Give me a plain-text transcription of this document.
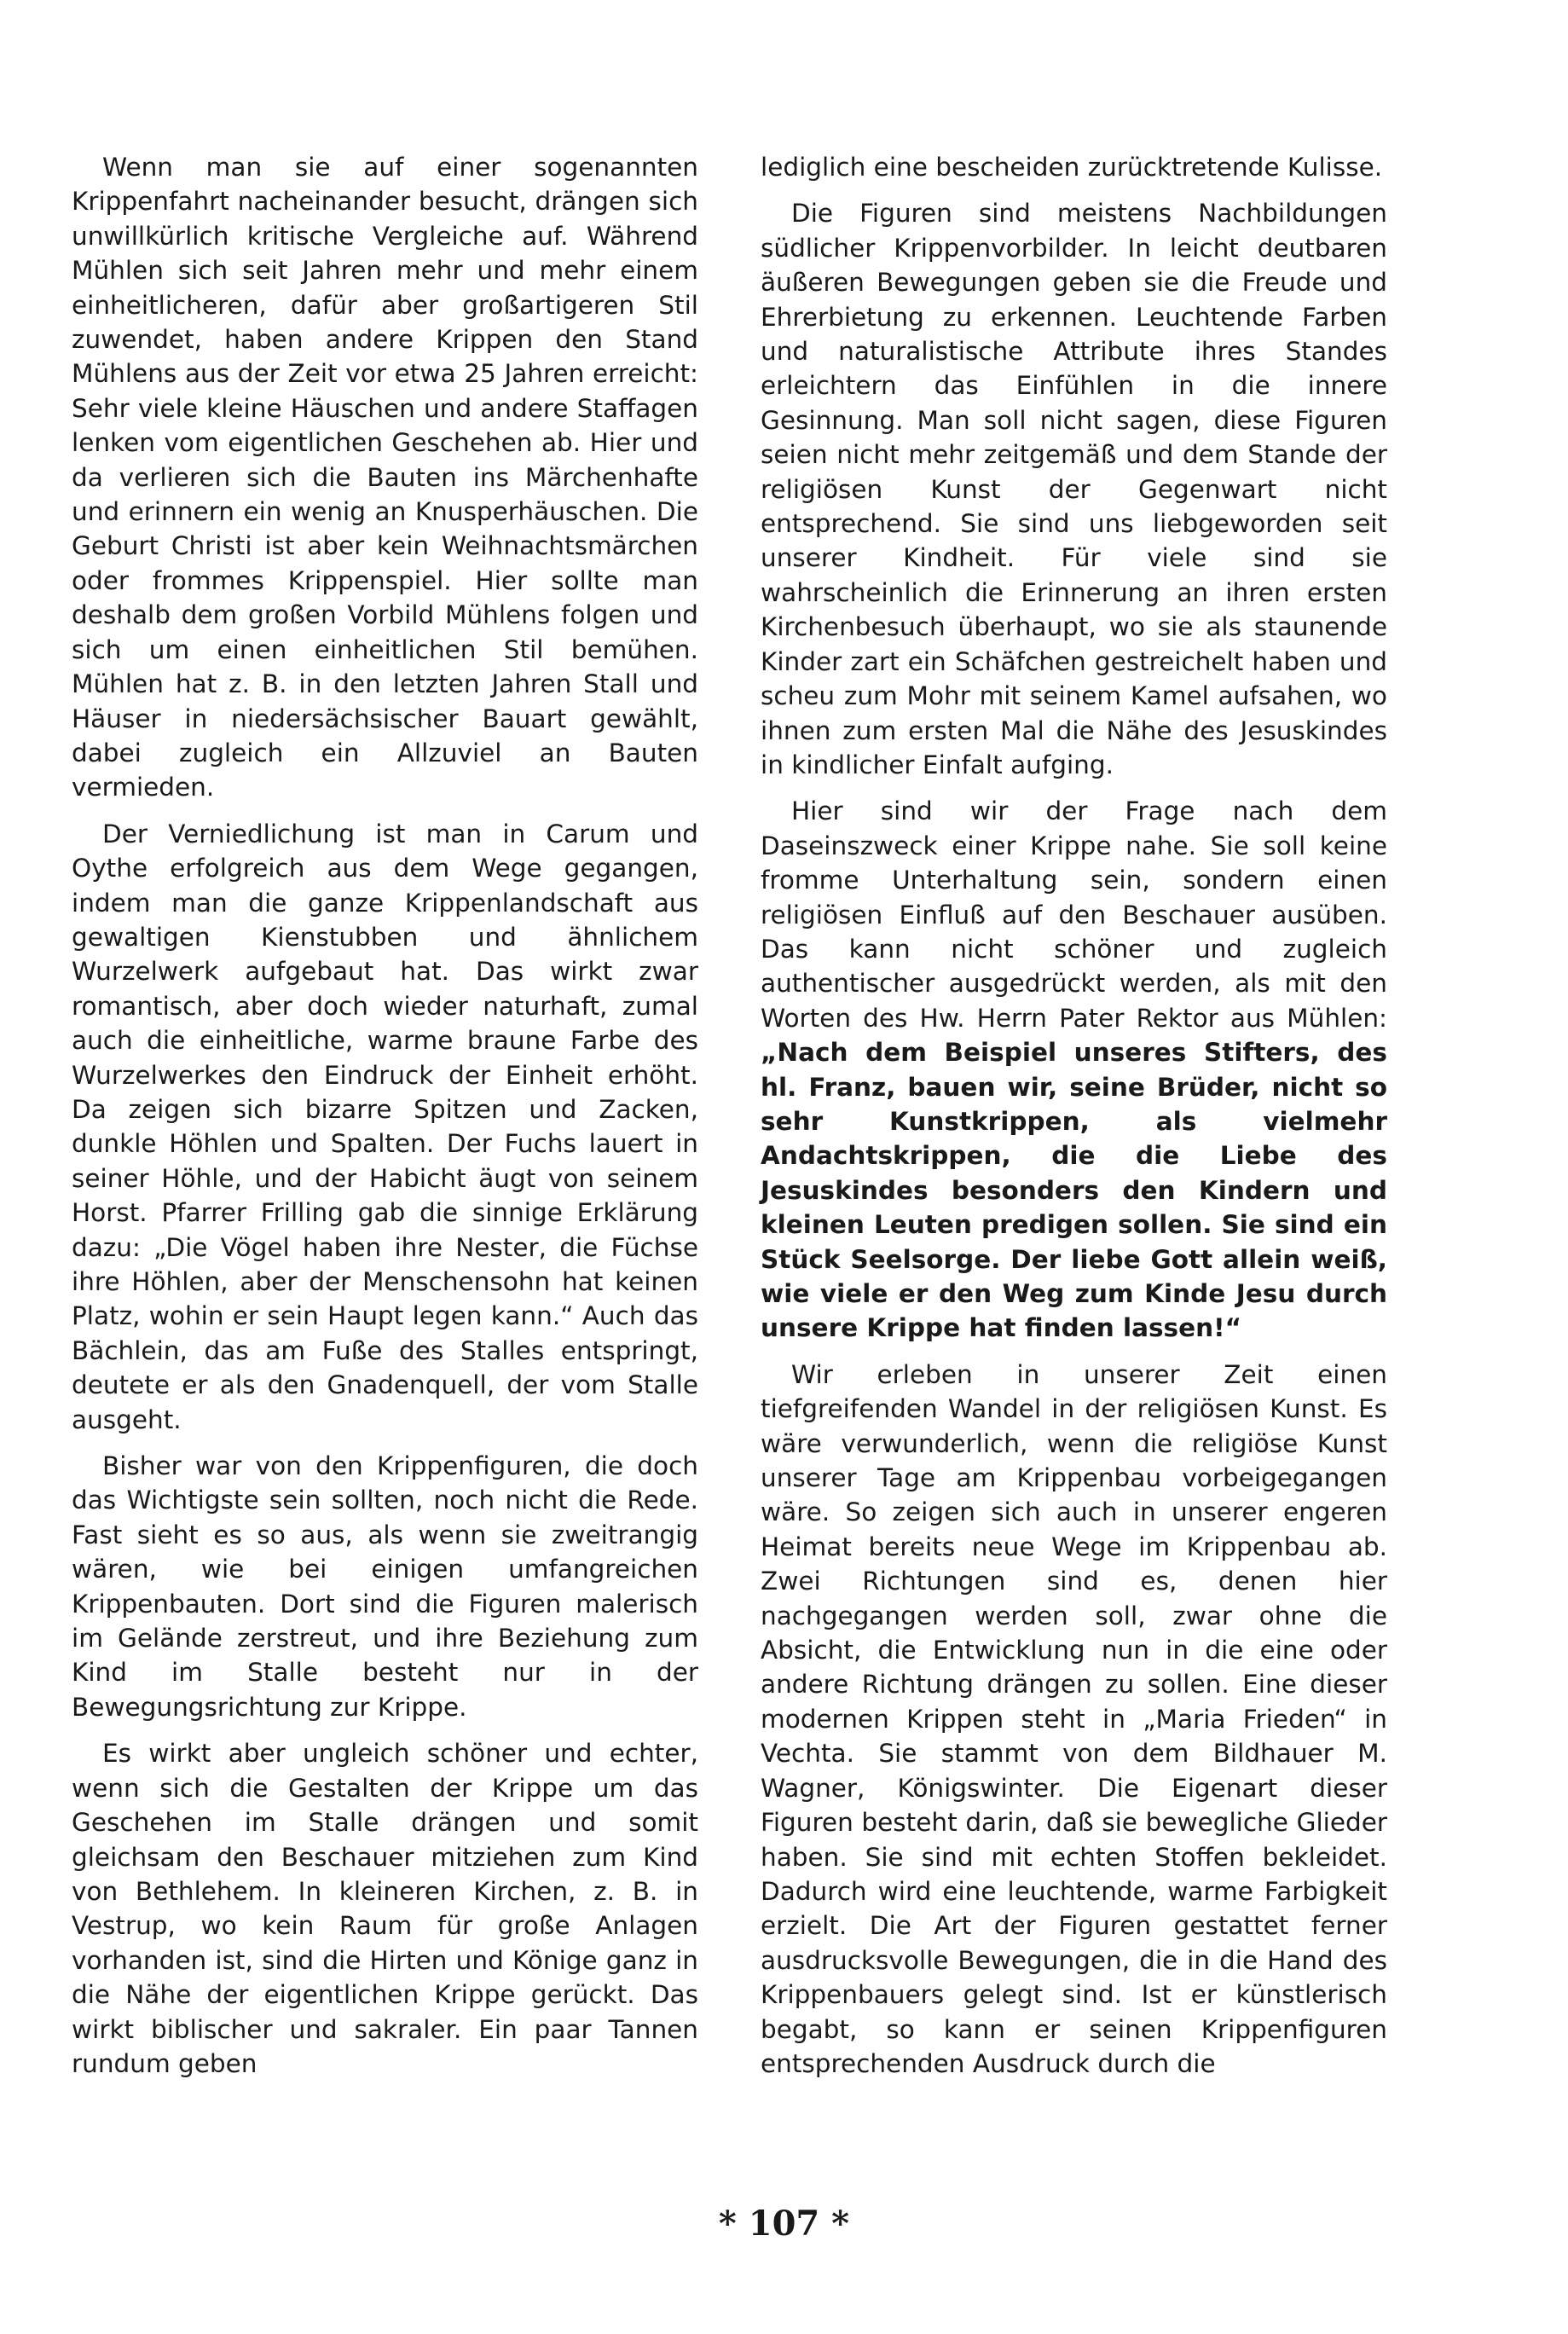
Wenn man sie auf einer sogenannten Krippenfahrt nacheinander besucht, drängen sich unwillkürlich kritische Vergleiche auf. Während Mühlen sich seit Jahren mehr und mehr einem einheitlicheren, dafür aber großartigeren Stil zuwendet, haben andere Krippen den Stand Mühlens aus der Zeit vor etwa 25 Jahren erreicht: Sehr viele kleine Häuschen und andere Staffagen lenken vom eigentlichen Geschehen ab. Hier und da verlieren sich die Bauten ins Märchenhafte und erinnern ein wenig an Knusperhäuschen. Die Geburt Christi ist aber kein Weihnachtsmärchen oder frommes Krippenspiel. Hier sollte man deshalb dem großen Vorbild Mühlens folgen und sich um einen einheitlichen Stil bemühen. Mühlen hat z. B. in den letzten Jahren Stall und Häuser in niedersächsischer Bauart gewählt, dabei zugleich ein Allzuviel an Bauten vermieden.

Der Verniedlichung ist man in Carum und Oythe erfolgreich aus dem Wege gegangen, indem man die ganze Krippenlandschaft aus gewaltigen Kienstubben und ähnlichem Wurzelwerk aufgebaut hat. Das wirkt zwar romantisch, aber doch wieder naturhaft, zumal auch die einheitliche, warme braune Farbe des Wurzelwerkes den Eindruck der Einheit erhöht. Da zeigen sich bizarre Spitzen und Zacken, dunkle Höhlen und Spalten. Der Fuchs lauert in seiner Höhle, und der Habicht äugt von seinem Horst. Pfarrer Frilling gab die sinnige Erklärung dazu: „Die Vögel haben ihre Nester, die Füchse ihre Höhlen, aber der Menschensohn hat keinen Platz, wohin er sein Haupt legen kann.“ Auch das Bächlein, das am Fuße des Stalles entspringt, deutete er als den Gnadenquell, der vom Stalle ausgeht.

Bisher war von den Krippenfiguren, die doch das Wichtigste sein sollten, noch nicht die Rede. Fast sieht es so aus, als wenn sie zweitrangig wären, wie bei einigen umfangreichen Krippenbauten. Dort sind die Figuren malerisch im Gelände zerstreut, und ihre Beziehung zum Kind im Stalle besteht nur in der Bewegungsrichtung zur Krippe.

Es wirkt aber ungleich schöner und echter, wenn sich die Gestalten der Krippe um das Geschehen im Stalle drängen und somit gleichsam den Beschauer mitziehen zum Kind von Bethlehem. In kleineren Kirchen, z. B. in Vestrup, wo kein Raum für große Anlagen vorhanden ist, sind die Hirten und Könige ganz in die Nähe der eigentlichen Krippe gerückt. Das wirkt biblischer und sakraler. Ein paar Tannen rundum geben

lediglich eine bescheiden zurücktretende Kulisse.

Die Figuren sind meistens Nachbildungen südlicher Krippenvorbilder. In leicht deutbaren äußeren Bewegungen geben sie die Freude und Ehrerbietung zu erkennen. Leuchtende Farben und naturalistische Attribute ihres Standes erleichtern das Einfühlen in die innere Gesinnung. Man soll nicht sagen, diese Figuren seien nicht mehr zeitgemäß und dem Stande der religiösen Kunst der Gegenwart nicht entsprechend. Sie sind uns liebgeworden seit unserer Kindheit. Für viele sind sie wahrscheinlich die Erinnerung an ihren ersten Kirchenbesuch überhaupt, wo sie als staunende Kinder zart ein Schäfchen gestreichelt haben und scheu zum Mohr mit seinem Kamel aufsahen, wo ihnen zum ersten Mal die Nähe des Jesuskindes in kindlicher Einfalt aufging.

Hier sind wir der Frage nach dem Daseinszweck einer Krippe nahe. Sie soll keine fromme Unterhaltung sein, sondern einen religiösen Einfluß auf den Beschauer ausüben. Das kann nicht schöner und zugleich authentischer ausgedrückt werden, als mit den Worten des Hw. Herrn Pater Rektor aus Mühlen: „Nach dem Beispiel unseres Stifters, des hl. Franz, bauen wir, seine Brüder, nicht so sehr Kunstkrippen, als vielmehr Andachtskrippen, die die Liebe des Jesuskindes besonders den Kindern und kleinen Leuten predigen sollen. Sie sind ein Stück Seelsorge. Der liebe Gott allein weiß, wie viele er den Weg zum Kinde Jesu durch unsere Krippe hat finden lassen!“

Wir erleben in unserer Zeit einen tiefgreifenden Wandel in der religiösen Kunst. Es wäre verwunderlich, wenn die religiöse Kunst unserer Tage am Krippenbau vorbeigegangen wäre. So zeigen sich auch in unserer engeren Heimat bereits neue Wege im Krippenbau ab. Zwei Richtungen sind es, denen hier nachgegangen werden soll, zwar ohne die Absicht, die Entwicklung nun in die eine oder andere Richtung drängen zu sollen. Eine dieser modernen Krippen steht in „Maria Frieden“ in Vechta. Sie stammt von dem Bildhauer M. Wagner, Königswinter. Die Eigenart dieser Figuren besteht darin, daß sie bewegliche Glieder haben. Sie sind mit echten Stoffen bekleidet. Dadurch wird eine leuchtende, warme Farbigkeit erzielt. Die Art der Figuren gestattet ferner ausdrucksvolle Bewegungen, die in die Hand des Krippenbauers gelegt sind. Ist er künstlerisch begabt, so kann er seinen Krippenfiguren entsprechenden Ausdruck durch die

* 107 *
